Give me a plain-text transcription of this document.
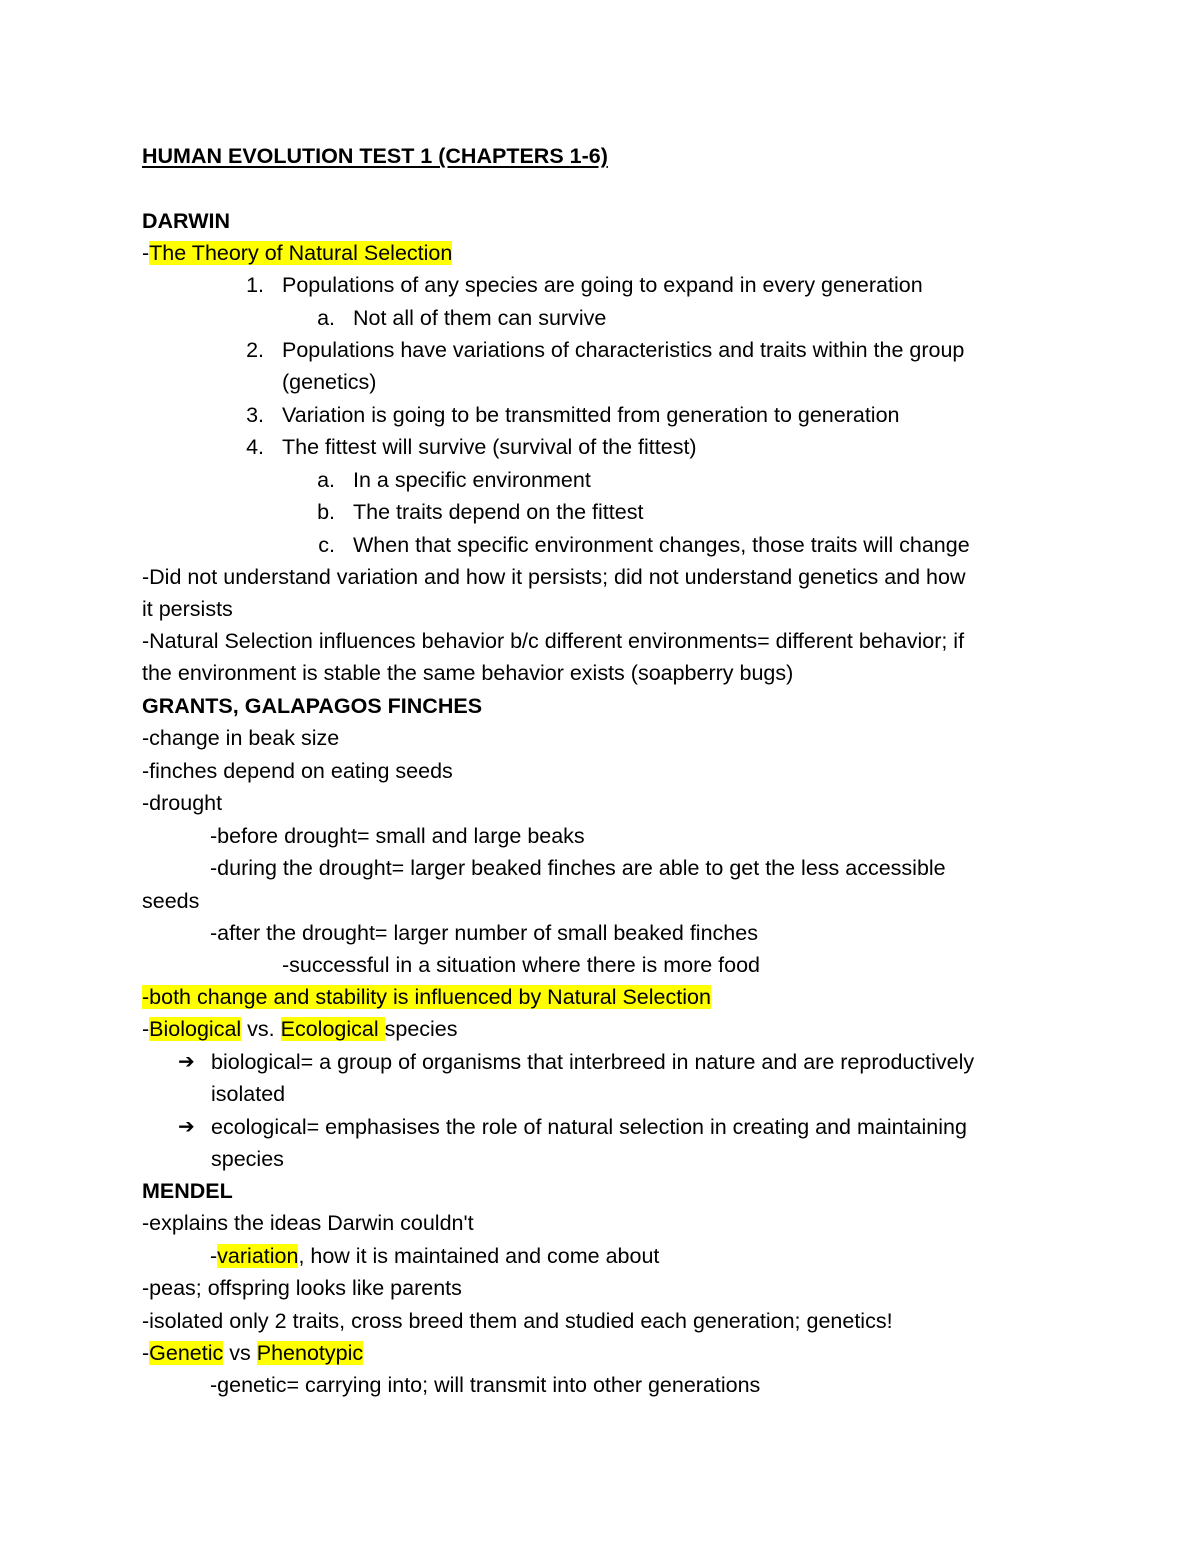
HUMAN EVOLUTION TEST 1 (CHAPTERS 1-6)
DARWIN
-The Theory of Natural Selection
1. Populations of any species are going to expand in every generation
a. Not all of them can survive
2. Populations have variations of characteristics and traits within the group
(genetics)
3. Variation is going to be transmitted from generation to generation
4. The fittest will survive (survival of the fittest)
a. In a specific environment
b. The traits depend on the fittest
c. When that specific environment changes, those traits will change
-Did not understand variation and how it persists; did not understand genetics and how
it persists
-Natural Selection influences behavior b/c different environments= different behavior; if
the environment is stable the same behavior exists (soapberry bugs)
GRANTS, GALAPAGOS FINCHES
-change in beak size
-finches depend on eating seeds
-drought
-before drought= small and large beaks
-during the drought= larger beaked finches are able to get the less accessible
seeds
-after the drought= larger number of small beaked finches
-successful in a situation where there is more food
-both change and stability is influenced by Natural Selection
-Biological vs. Ecological species
➔ biological= a group of organisms that interbreed in nature and are reproductively
isolated
➔ ecological= emphasises the role of natural selection in creating and maintaining
species
MENDEL
-explains the ideas Darwin couldn't
-variation, how it is maintained and come about
-peas; offspring looks like parents
-isolated only 2 traits, cross breed them and studied each generation; genetics!
-Genetic vs Phenotypic
-genetic= carrying into; will transmit into other generations
